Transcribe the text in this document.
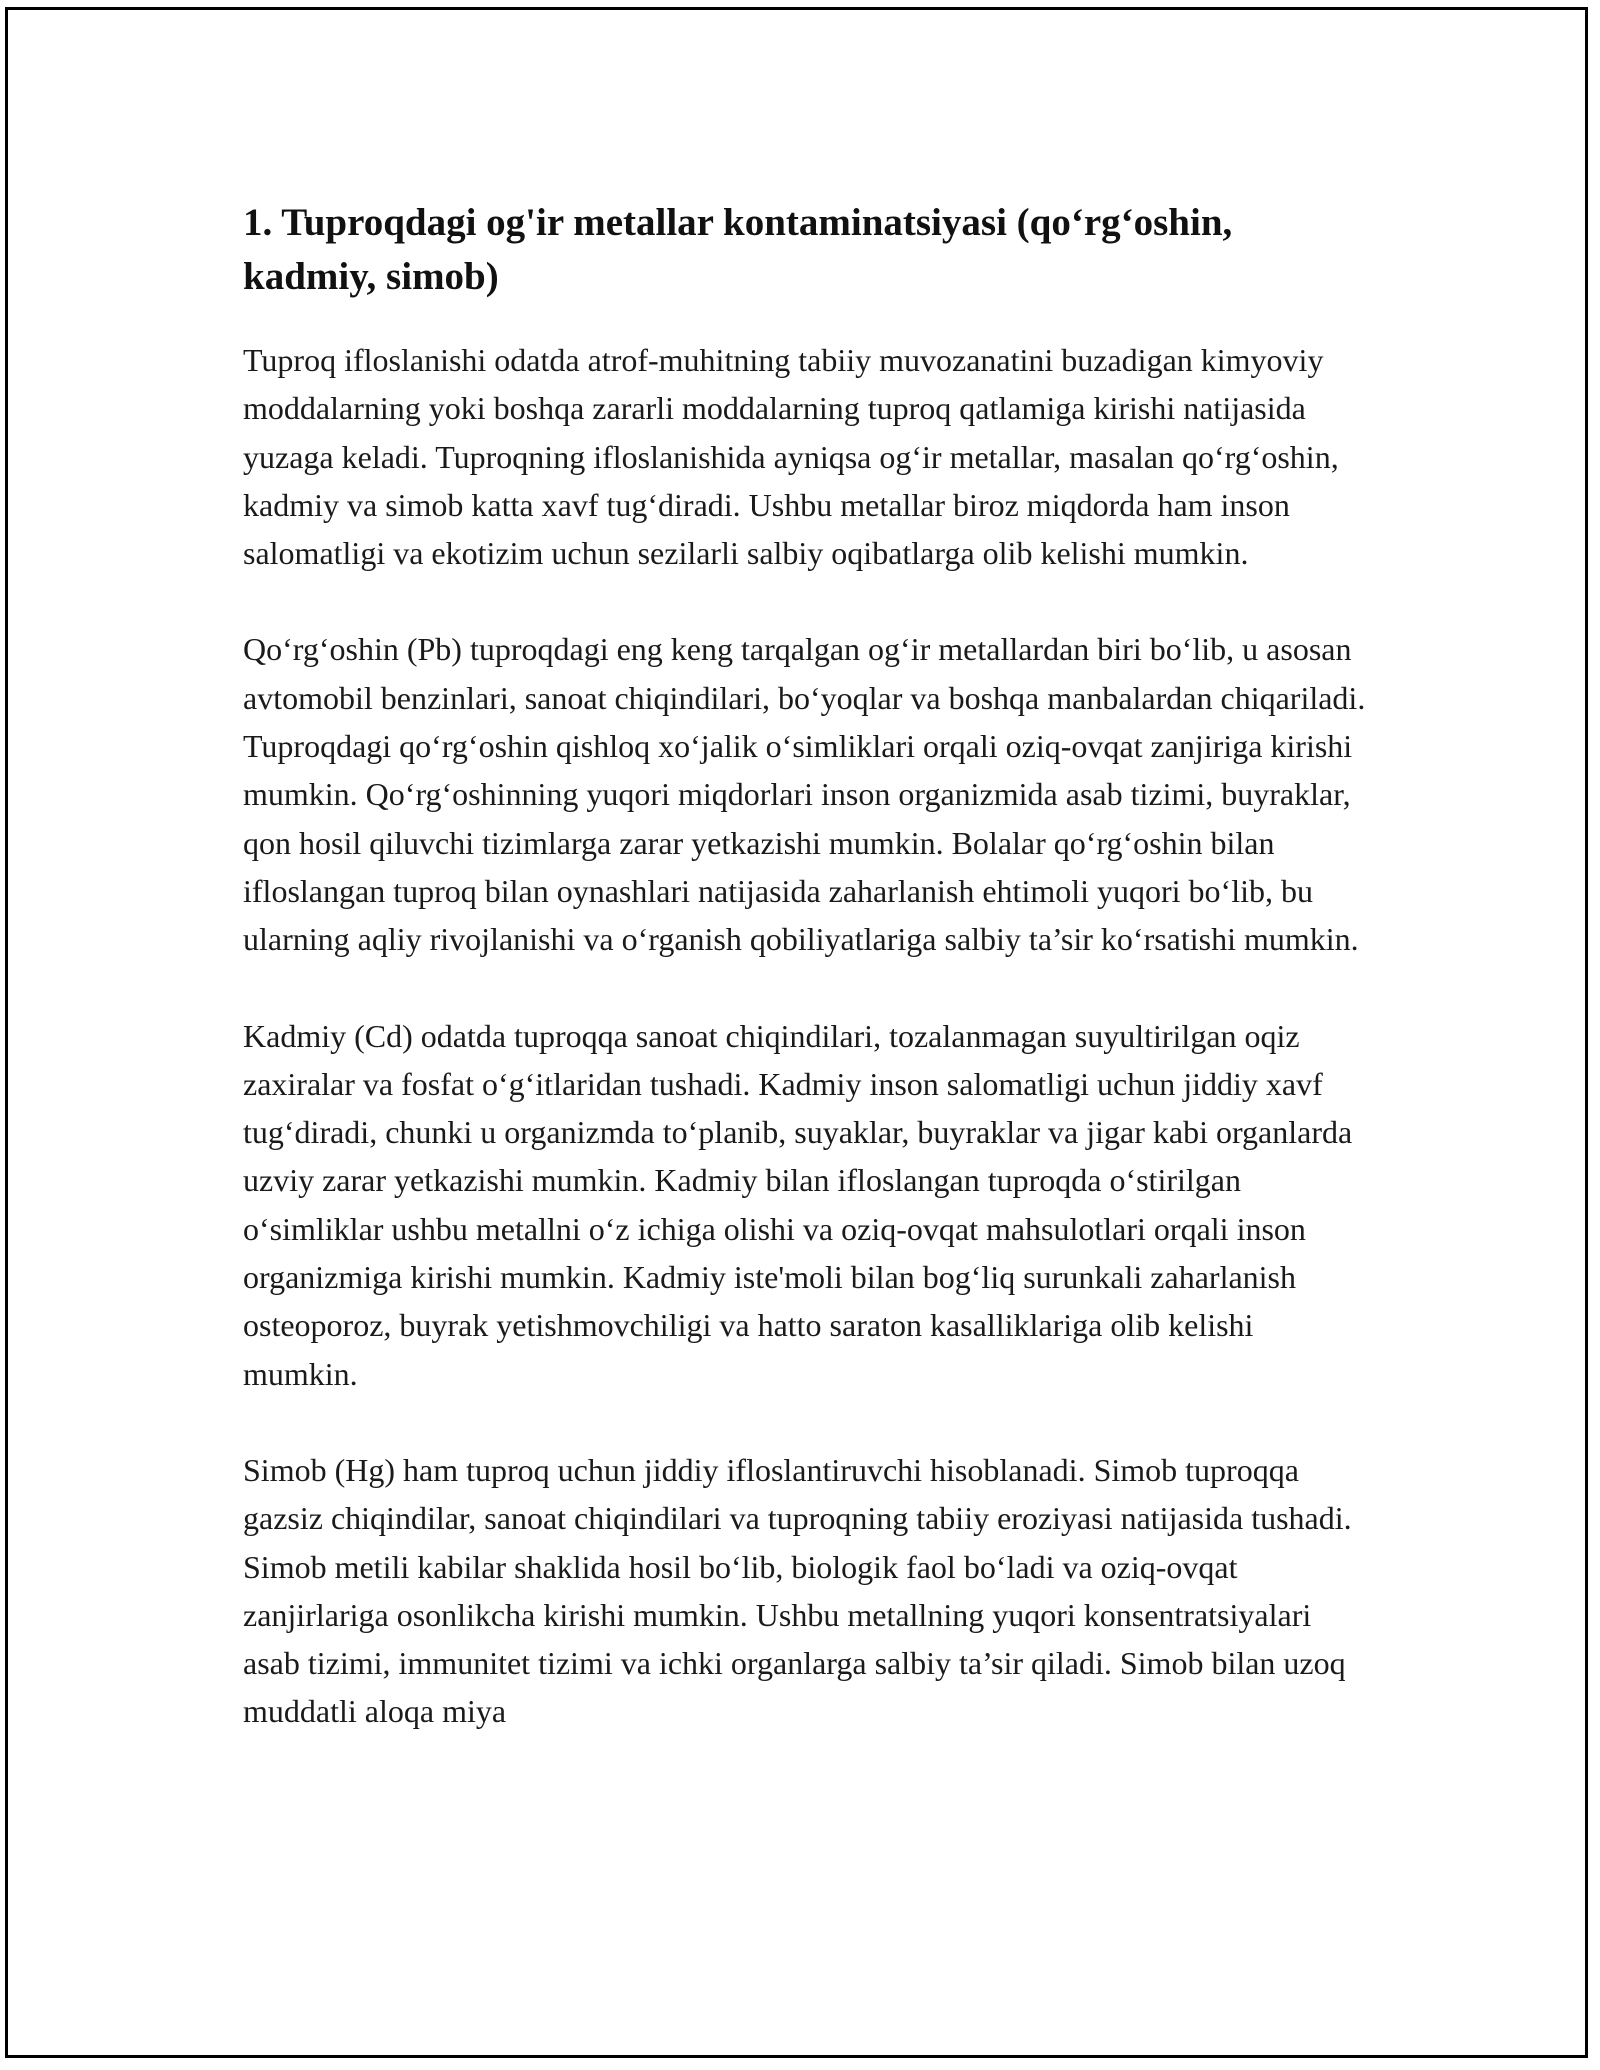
1. Tuproqdagi og'ir metallar kontaminatsiyasi (qo‘rg‘oshin, kadmiy, simob)

Tuproq ifloslanishi odatda atrof-muhitning tabiiy muvozanatini buzadigan kimyoviy moddalarning yoki boshqa zararli moddalarning tuproq qatlamiga kirishi natijasida yuzaga keladi. Tuproqning ifloslanishida ayniqsa og‘ir metallar, masalan qo‘rg‘oshin, kadmiy va simob katta xavf tug‘diradi. Ushbu metallar biroz miqdorda ham inson salomatligi va ekotizim uchun sezilarli salbiy oqibatlarga olib kelishi mumkin.

Qo‘rg‘oshin (Pb) tuproqdagi eng keng tarqalgan og‘ir metallardan biri bo‘lib, u asosan avtomobil benzinlari, sanoat chiqindilari, bo‘yoqlar va boshqa manbalardan chiqariladi. Tuproqdagi qo‘rg‘oshin qishloq xo‘jalik o‘simliklari orqali oziq-ovqat zanjiriga kirishi mumkin. Qo‘rg‘oshinning yuqori miqdorlari inson organizmida asab tizimi, buyraklar, qon hosil qiluvchi tizimlarga zarar yetkazishi mumkin. Bolalar qo‘rg‘oshin bilan ifloslangan tuproq bilan oynashlari natijasida zaharlanish ehtimoli yuqori bo‘lib, bu ularning aqliy rivojlanishi va o‘rganish qobiliyatlariga salbiy ta’sir ko‘rsatishi mumkin.

Kadmiy (Cd) odatda tuproqqa sanoat chiqindilari, tozalanmagan suyultirilgan oqiz zaxiralar va fosfat o‘g‘itlaridan tushadi. Kadmiy inson salomatligi uchun jiddiy xavf tug‘diradi, chunki u organizmda to‘planib, suyaklar, buyraklar va jigar kabi organlarda uzviy zarar yetkazishi mumkin. Kadmiy bilan ifloslangan tuproqda o‘stirilgan o‘simliklar ushbu metallni o‘z ichiga olishi va oziq-ovqat mahsulotlari orqali inson organizmiga kirishi mumkin. Kadmiy iste'moli bilan bog‘liq surunkali zaharlanish osteoporoz, buyrak yetishmovchiligi va hatto saraton kasalliklariga olib kelishi mumkin.

Simob (Hg) ham tuproq uchun jiddiy ifloslantiruvchi hisoblanadi. Simob tuproqqa gazsiz chiqindilar, sanoat chiqindilari va tuproqning tabiiy eroziyasi natijasida tushadi. Simob metili kabilar shaklida hosil bo‘lib, biologik faol bo‘ladi va oziq-ovqat zanjirlariga osonlikcha kirishi mumkin. Ushbu metallning yuqori konsentratsiyalari asab tizimi, immunitet tizimi va ichki organlarga salbiy ta’sir qiladi. Simob bilan uzoq muddatli aloqa miya
